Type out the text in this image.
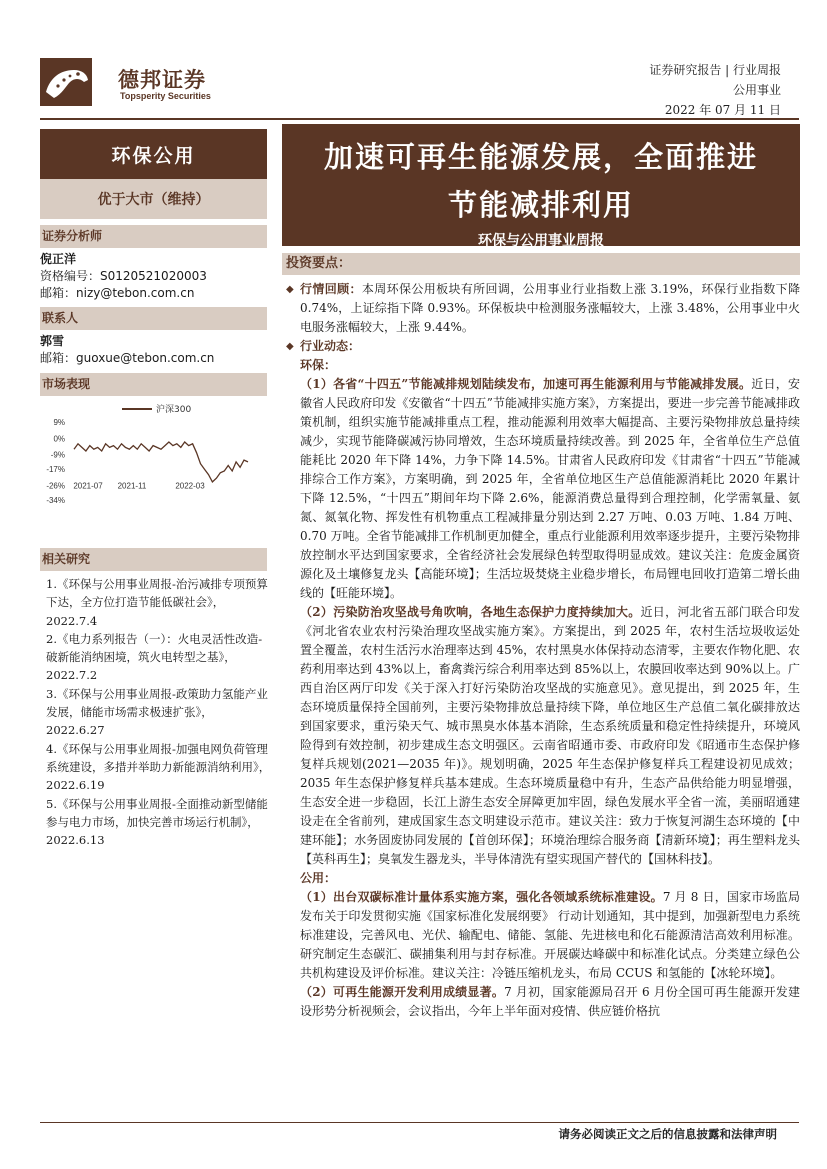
德邦证券
Topsperity Securities
证券研究报告 | 行业周报
公用事业
2022 年 07 月 11 日
环保公用
优于大市（维持）
加速可再生能源发展，全面推进
节能减排利用
环保与公用事业周报
证券分析师
倪正洋
资格编号：S0120521020003
邮箱：nizy@tebon.com.cn
联系人
郭雪
邮箱：guoxue@tebon.com.cn
市场表现
9%
0%
-9%
-17%
-26%
-34%
2021-07 2021-11	2022-03
沪深300
相关研究
1.《环保与公用事业周报-治污减排专项预算下达，全方位打造节能低碳社会》，2022.7.4
2.《电力系列报告（一）：火电灵活性改造-破新能消纳困境，筑火电转型之基》，2022.7.2
3.《环保与公用事业周报-政策助力氢能产业发展，储能市场需求极速扩张》，2022.6.27
4.《环保与公用事业周报-加强电网负荷管理系统建设，多措并举助力新能源消纳利用》，2022.6.19
5.《环保与公用事业周报-全面推动新型储能参与电力市场，加快完善市场运行机制》，2022.6.13
投资要点：

◆ 行情回顾：本周环保公用板块有所回调，公用事业行业指数上涨 3.19%，环保行业指数下降 0.74%，上证综指下降 0.93%。环保板块中检测服务涨幅较大，上涨 3.48%，公用事业中火电服务涨幅较大，上涨 9.44%。

◆ 行业动态：

环保：

（1）各省“十四五”节能减排规划陆续发布，加速可再生能源利用与节能减排发展。近日，安徽省人民政府印发《安徽省“十四五”节能减排实施方案》，方案提出，要进一步完善节能减排政策机制，组织实施节能减排重点工程，推动能源利用效率大幅提高、主要污染物排放总量持续减少，实现节能降碳减污协同增效，生态环境质量持续改善。到 2025 年，全省单位生产总值能耗比 2020 年下降 14%，力争下降 14.5%。甘肃省人民政府印发《甘肃省“十四五”节能减排综合工作方案》，方案明确，到 2025 年，全省单位地区生产总值能源消耗比 2020 年累计下降 12.5%，“十四五”期间年均下降 2.6%，能源消费总量得到合理控制，化学需氧量、氨氮、氮氧化物、挥发性有机物重点工程减排量分别达到 2.27 万吨、0.03 万吨、1.84 万吨、0.70 万吨。全省节能减排工作机制更加健全，重点行业能源利用效率逐步提升，主要污染物排放控制水平达到国家要求，全省经济社会发展绿色转型取得明显成效。建议关注：危废金属资源化及土壤修复龙头【高能环境】；生活垃圾焚烧主业稳步增长，布局锂电回收打造第二增长曲线的【旺能环境】。

（2）污染防治攻坚战号角吹响，各地生态保护力度持续加大。近日，河北省五部门联合印发《河北省农业农村污染治理攻坚战实施方案》。方案提出，到 2025 年，农村生活垃圾收运处置全覆盖，农村生活污水治理率达到 45%，农村黑臭水体保持动态清零，主要农作物化肥、农药利用率达到 43%以上，畜禽粪污综合利用率达到 85%以上，农膜回收率达到 90%以上。广西自治区两厅印发《关于深入打好污染防治攻坚战的实施意见》。意见提出，到 2025 年，生态环境质量保持全国前列，主要污染物排放总量持续下降，单位地区生产总值二氧化碳排放达到国家要求，重污染天气、城市黑臭水体基本消除，生态系统质量和稳定性持续提升，环境风险得到有效控制，初步建成生态文明强区。云南省昭通市委、市政府印发《昭通市生态保护修复样兵规划(2021—2035 年)》。规划明确，2025 年生态保护修复样兵工程建设初见成效；2035 年生态保护修复样兵基本建成。生态环境质量稳中有升，生态产品供给能力明显增强，生态安全进一步稳固，长江上游生态安全屏障更加牢固，绿色发展水平全省一流，美丽昭通建设走在全省前列，建成国家生态文明建设示范市。建议关注：致力于恢复河湖生态环境的【中建环能】；水务固废协同发展的【首创环保】；环境治理综合服务商【清新环境】；再生塑料龙头【英科再生】；臭氧发生器龙头，半导体清洗有望实现国产替代的【国林科技】。

公用：

（1）出台双碳标准计量体系实施方案，强化各领域系统标准建设。7 月 8 日，国家市场监局发布关于印发贯彻实施《国家标准化发展纲要》 行动计划通知，其中提到，加强新型电力系统标准建设，完善风电、光伏、输配电、储能、氢能、先进核电和化石能源清洁高效利用标准。研究制定生态碳汇、碳捕集利用与封存标准。开展碳达峰碳中和标准化试点。分类建立绿色公共机构建设及评价标准。建议关注：冷链压缩机龙头，布局 CCUS 和氢能的【冰轮环境】。

（2）可再生能源开发利用成绩显著。7 月初，国家能源局召开 6 月份全国可再生能源开发建设形势分析视频会，会议指出，今年上半年面对疫情、供应链价格抗

请务必阅读正文之后的信息披露和法律声明
